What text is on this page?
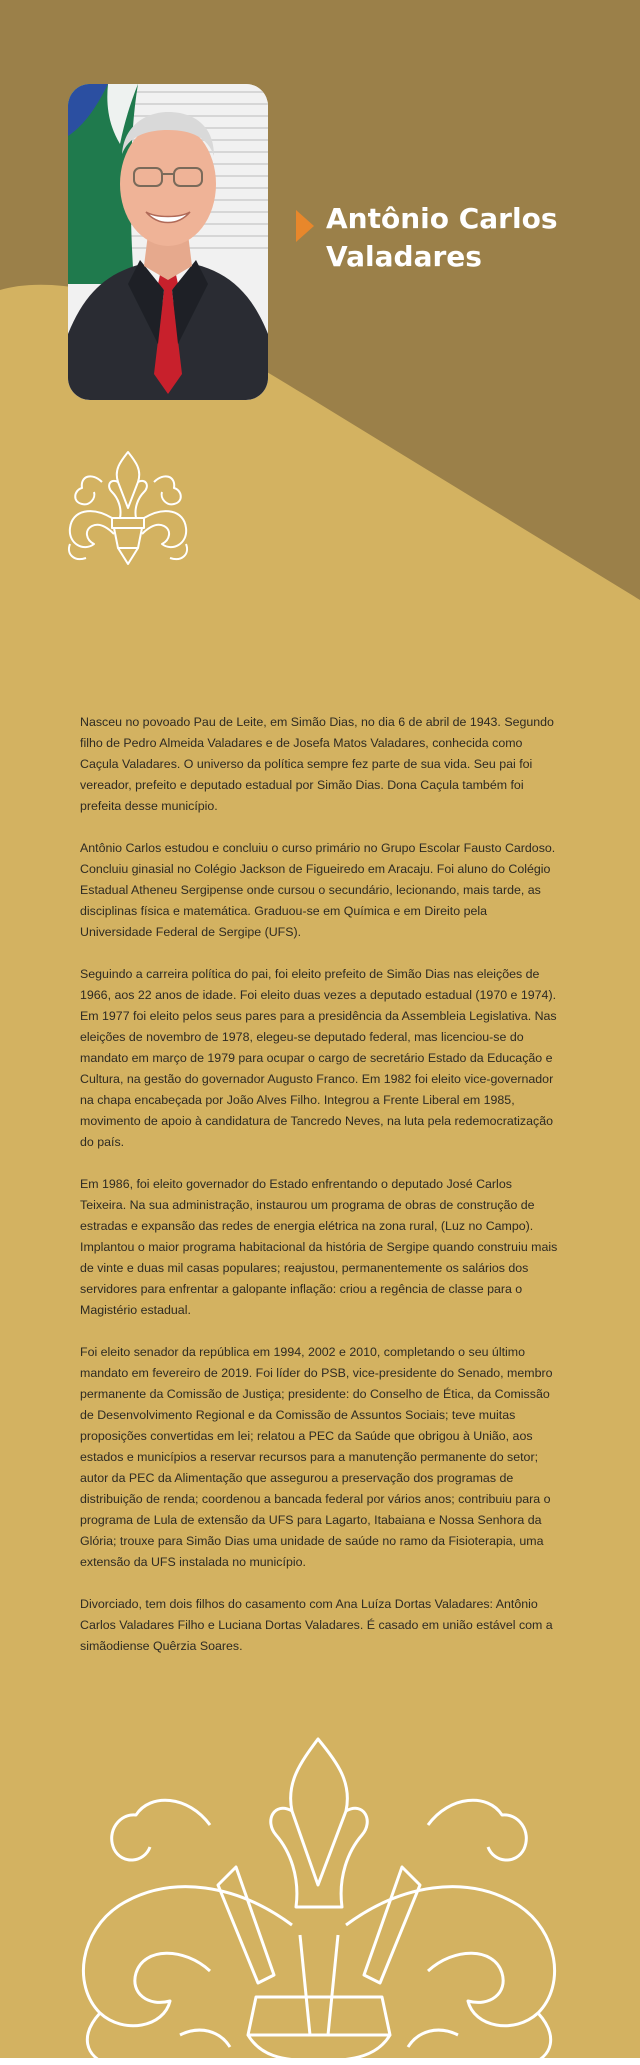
Antônio Carlos
Valadares

Nasceu no povoado Pau de Leite, em Simão Dias, no dia 6 de abril de 1943. Segundo filho de Pedro Almeida Valadares e de Josefa Matos Valadares, conhecida como Caçula Valadares. O universo da política sempre fez parte de sua vida. Seu pai foi vereador, prefeito e deputado estadual por Simão Dias. Dona Caçula também foi prefeita desse município.

Antônio Carlos estudou e concluiu o curso primário no Grupo Escolar Fausto Cardoso. Concluiu ginasial no Colégio Jackson de Figueiredo em Aracaju. Foi aluno do Colégio Estadual Atheneu Sergipense onde cursou o secundário, lecionando, mais tarde, as disciplinas física e matemática. Graduou-se em Química e em Direito pela Universidade Federal de Sergipe (UFS).

Seguindo a carreira política do pai, foi eleito prefeito de Simão Dias nas eleições de 1966, aos 22 anos de idade. Foi eleito duas vezes a deputado estadual (1970 e 1974). Em 1977 foi eleito pelos seus pares para a presidência da Assembleia Legislativa. Nas eleições de novembro de 1978, elegeu-se deputado federal, mas licenciou-se do mandato em março de 1979 para ocupar o cargo de secretário Estado da Educação e Cultura, na gestão do governador Augusto Franco. Em 1982 foi eleito vice-governador na chapa encabeçada por João Alves Filho. Integrou a Frente Liberal em 1985, movimento de apoio à candidatura de Tancredo Neves, na luta pela redemocratização do país.

Em 1986, foi eleito governador do Estado enfrentando o deputado José Carlos Teixeira. Na sua administração, instaurou um programa de obras de construção de estradas e expansão das redes de energia elétrica na zona rural, (Luz no Campo). Implantou o maior programa habitacional da história de Sergipe quando construiu mais de vinte e duas mil casas populares; reajustou, permanentemente os salários dos servidores para enfrentar a galopante inflação: criou a regência de classe para o Magistério estadual.

Foi eleito senador da república em 1994, 2002 e 2010, completando o seu último mandato em fevereiro de 2019. Foi líder do PSB, vice-presidente do Senado, membro permanente da Comissão de Justiça; presidente: do Conselho de Ética, da Comissão de Desenvolvimento Regional e da Comissão de Assuntos Sociais; teve muitas proposições convertidas em lei; relatou a PEC da Saúde que obrigou à União, aos estados e municípios a reservar recursos para a manutenção permanente do setor; autor da PEC da Alimentação que assegurou a preservação dos programas de distribuição de renda; coordenou a bancada federal por vários anos; contribuiu para o programa de Lula de extensão da UFS para Lagarto, Itabaiana e Nossa Senhora da Glória; trouxe para Simão Dias uma unidade de saúde no ramo da Fisioterapia, uma extensão da UFS instalada no município.

Divorciado, tem dois filhos do casamento com Ana Luíza Dortas Valadares: Antônio Carlos Valadares Filho e Luciana Dortas Valadares. É casado em união estável com a simãodiense Quêrzia Soares.
